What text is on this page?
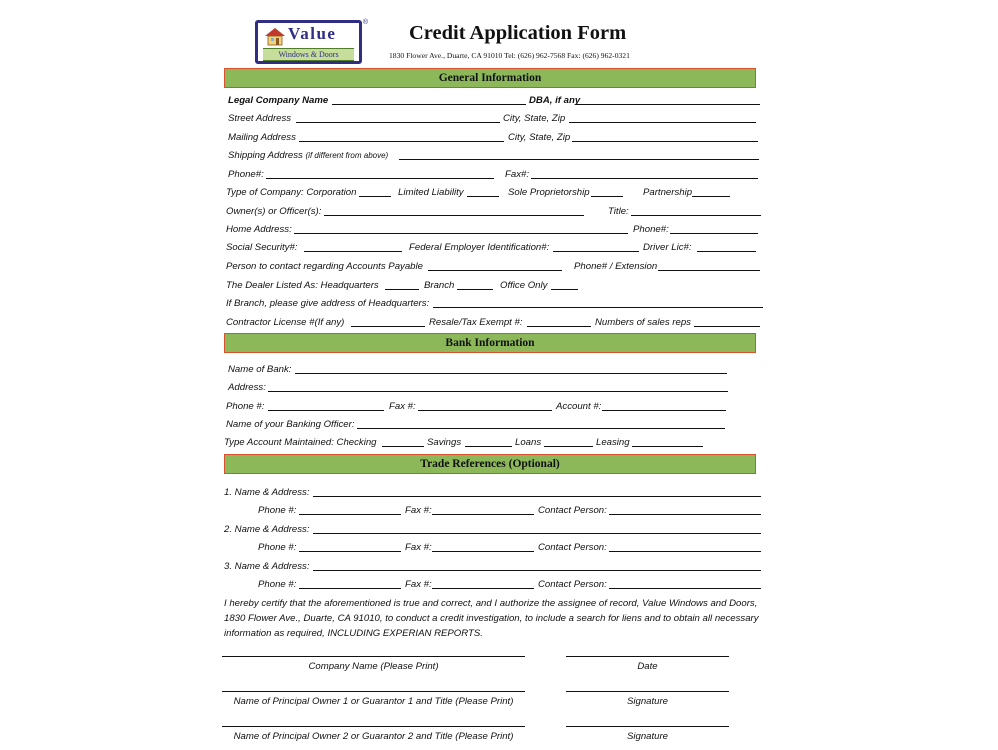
Value
®
Windows & Doors
Credit Application Form
1830 Flower Ave., Duarte, CA 91010 Tel: (626) 962-7568 Fax: (626) 962-0321
General Information
Legal Company Name	DBA, if any
Street Address	City, State, Zip
Mailing Address	City, State, Zip
Shipping Address (if different from above)
Phone#:	Fax#:
Type of Company: Corporation	Limited Liability	Sole Proprietorship	Partnership
Owner(s) or Officer(s):	Title:
Home Address:	Phone#:
Social Security#:	Federal Employer Identification#:	Driver Lic#:
Person to contact regarding Accounts Payable	Phone# / Extension
The Dealer Listed As: Headquarters	Branch	Office Only
If Branch, please give address of Headquarters:
Contractor License #(If any)	Resale/Tax Exempt #:	Numbers of sales reps
Bank Information
Name of Bank:
Address:
Phone #:	Fax #:	Account #:
Name of your Banking Officer:
Type Account Maintained: Checking	Savings	Loans	Leasing
Trade References (Optional)
1. Name & Address:
Phone #:	Fax #:	Contact Person:
2. Name & Address:
Phone #:	Fax #:	Contact Person:
3. Name & Address:
Phone #:	Fax #:	Contact Person:
I hereby certify that the aforementioned is true and correct, and I authorize the assignee of record, Value Windows and Doors, 1830 Flower Ave., Duarte, CA 91010, to conduct a credit investigation, to include a search for liens and to obtain all necessary information as required, INCLUDING EXPERIAN REPORTS.
Company Name (Please Print)	Date
Name of Principal Owner 1 or Guarantor 1 and Title (Please Print)	Signature
Name of Principal Owner 2 or Guarantor 2 and Title (Please Print)	Signature
